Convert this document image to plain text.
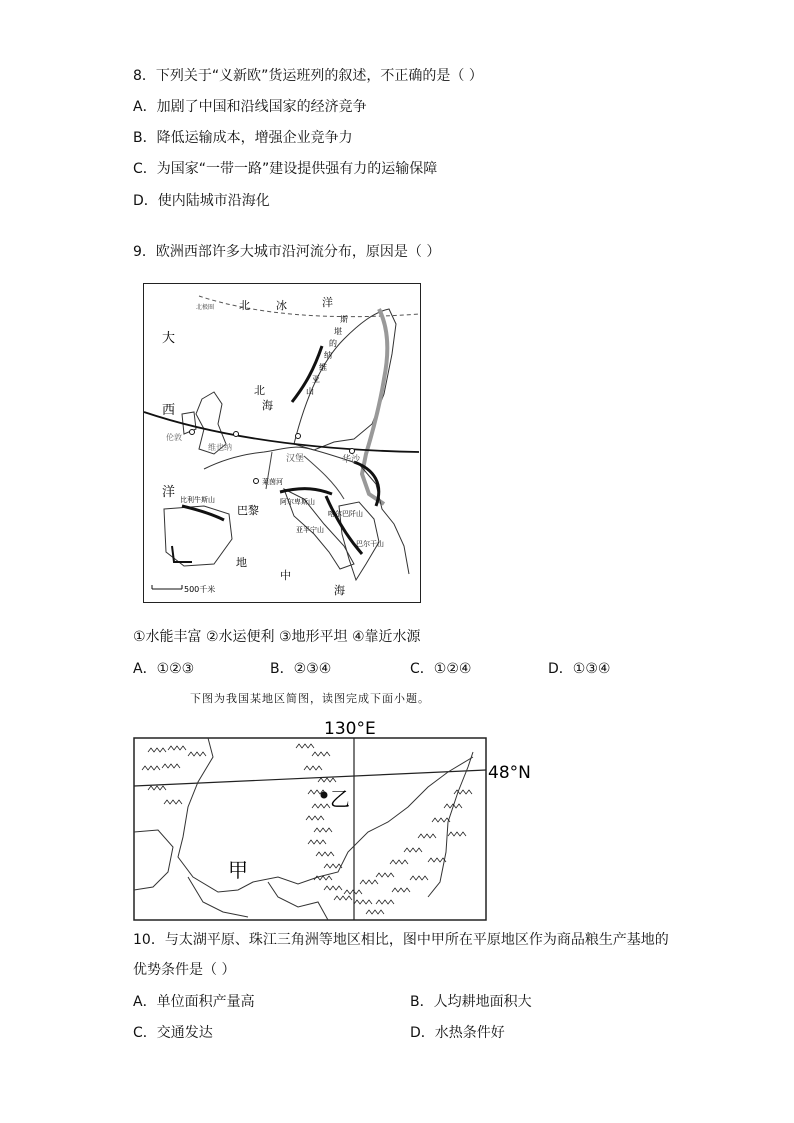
8．下列关于“义新欧”货运班列的叙述，不正确的是（ ）
A．加剧了中国和沿线国家的经济竞争
B．降低运输成本，增强企业竞争力
C．为国家“一带一路”建设提供强有力的运输保障
D．使内陆城市沿海化
9．欧洲西部许多大城市沿河流分布，原因是（ ）
北 冰	洋
北极圈
大
西
洋
北
海
地
中
海
巴黎
汉堡	华沙
伦敦
维也纳
斯
堪
的
纳
维
亚
山
莱茵河
阿尔卑斯山
比利牛斯山
喀尔巴阡山
巴尔干山
亚平宁山
500千米
①水能丰富 ②水运便利 ③地形平坦 ④靠近水源
A．①②③	B．②③④	C．①②④	D．①③④
下图为我国某地区简图，读图完成下面小题。
130°E
48°N
乙
甲
10．与太湖平原、珠江三角洲等地区相比，图中甲所在平原地区作为商品粮生产基地的
优势条件是（ ）
A．单位面积产量高	B．人均耕地面积大
C．交通发达	D．水热条件好
